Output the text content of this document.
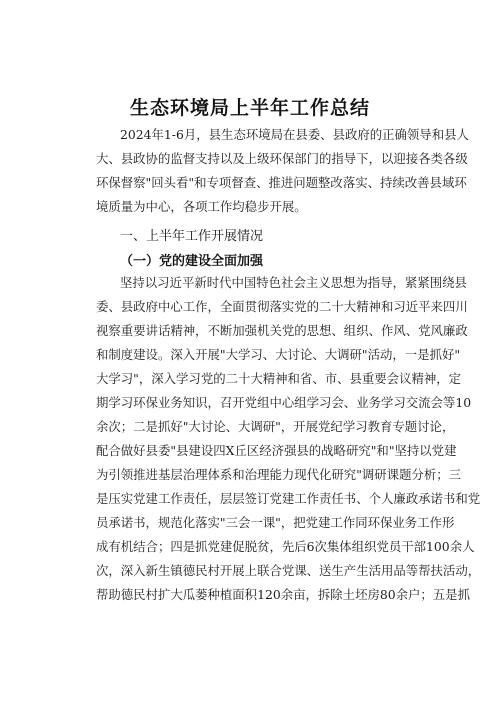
生态环境局上半年工作总结
2024年1-6月，县生态环境局在县委、县政府的正确领导和县人
大、县政协的监督支持以及上级环保部门的指导下，以迎接各类各级
环保督察"回头看"和专项督查、推进问题整改落实、持续改善县域环
境质量为中心，各项工作均稳步开展。
一、上半年工作开展情况
（一）党的建设全面加强
坚持以习近平新时代中国特色社会主义思想为指导，紧紧围绕县
委、县政府中心工作，全面贯彻落实党的二十大精神和习近平来四川
视察重要讲话精神，不断加强机关党的思想、组织、作风、党风廉政
和制度建设。深入开展"大学习、大讨论、大调研"活动，一是抓好"
大学习"，深入学习党的二十大精神和省、市、县重要会议精神，定
期学习环保业务知识，召开党组中心组学习会、业务学习交流会等10
余次；二是抓好"大讨论、大调研"，开展党纪学习教育专题讨论，
配合做好县委"县建设四X丘区经济强县的战略研究"和"坚持以党建
为引领推进基层治理体系和治理能力现代化研究"调研课题分析；三
是压实党建工作责任，层层签订党建工作责任书、个人廉政承诺书和党
员承诺书，规范化落实"三会一课"，把党建工作同环保业务工作形
成有机结合；四是抓党建促脱贫，先后6次集体组织党员干部100余人
次，深入新生镇德民村开展上联合党课、送生产生活用品等帮扶活动，
帮助德民村扩大瓜蒌种植面积120余亩，拆除土坯房80余户；五是抓
